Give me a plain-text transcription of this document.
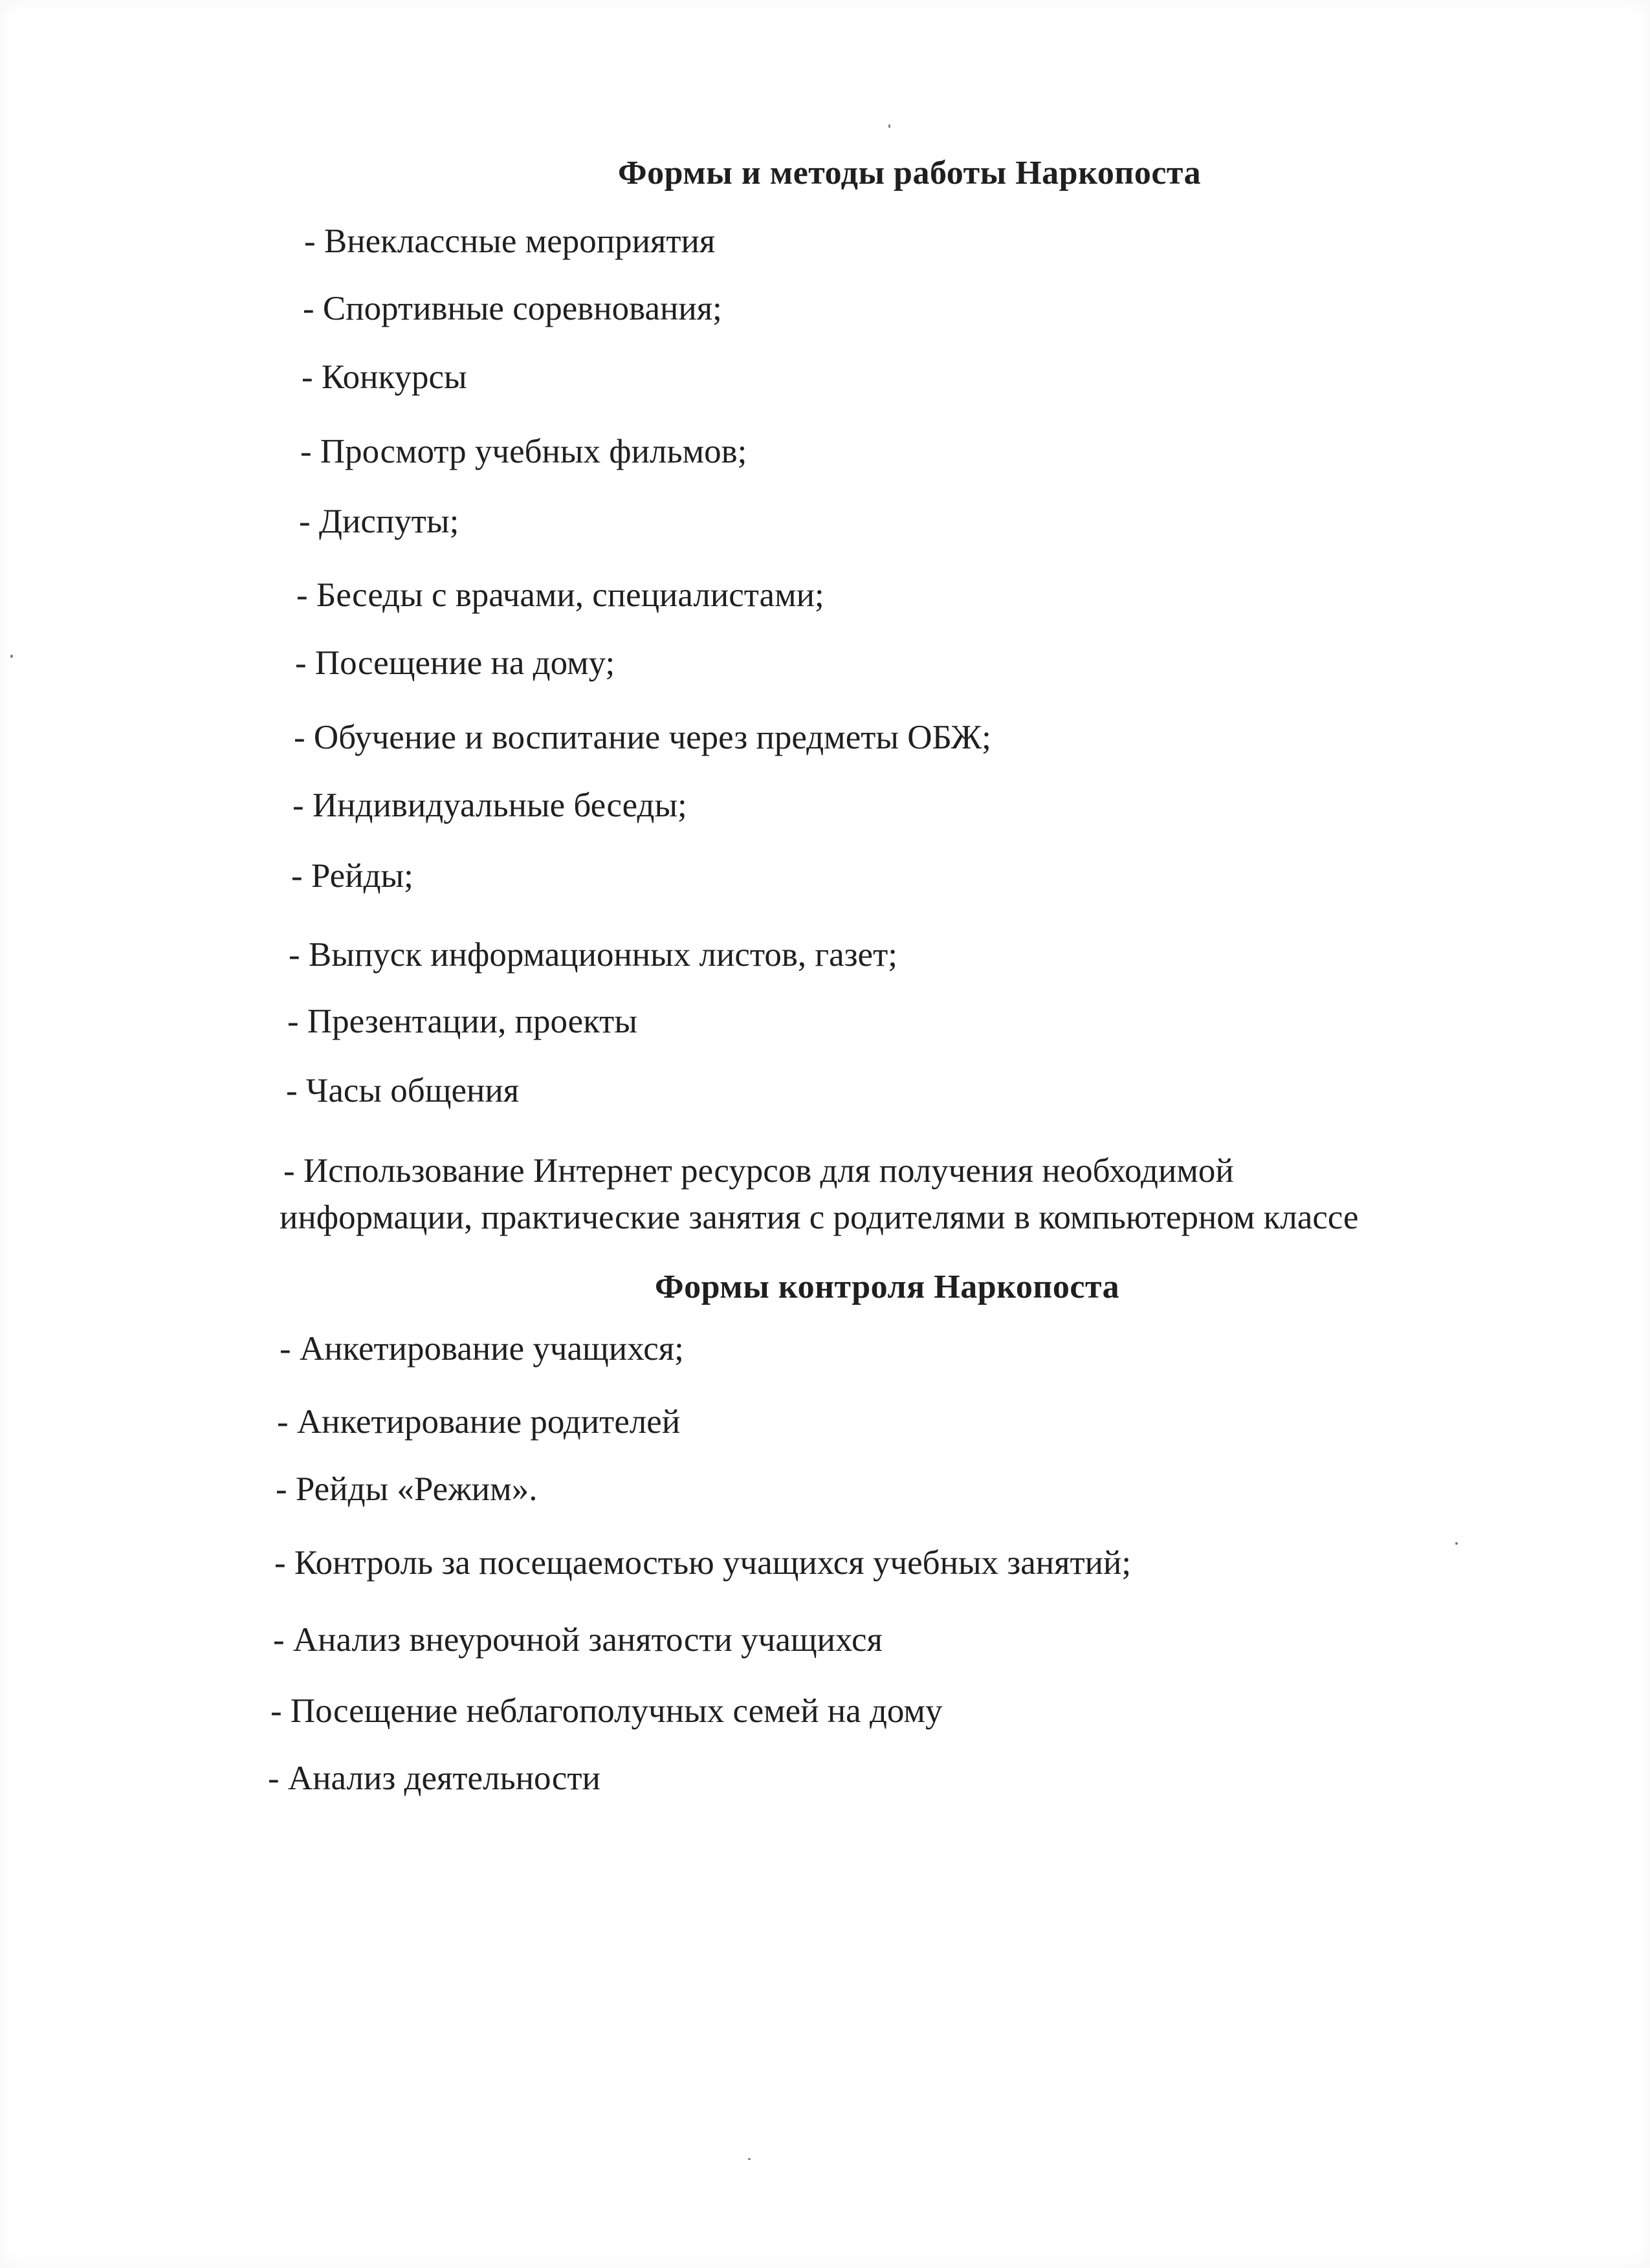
Формы и методы работы Наркопоста
- Внеклассные мероприятия
- Спортивные соревнования;
- Конкурсы
- Просмотр учебных фильмов;
- Диспуты;
- Беседы с врачами, специалистами;
- Посещение на дому;
- Обучение и воспитание через предметы ОБЖ;
- Индивидуальные беседы;
- Рейды;
- Выпуск информационных листов, газет;
- Презентации, проекты
- Часы общения
- Использование Интернет ресурсов для получения необходимой
информации, практические занятия с родителями в компьютерном классе
Формы контроля Наркопоста
- Анкетирование учащихся;
- Анкетирование родителей
- Рейды «Режим».
- Контроль за посещаемостью учащихся учебных занятий;
- Анализ внеурочной занятости учащихся
- Посещение неблагополучных семей на дому
- Анализ деятельности
